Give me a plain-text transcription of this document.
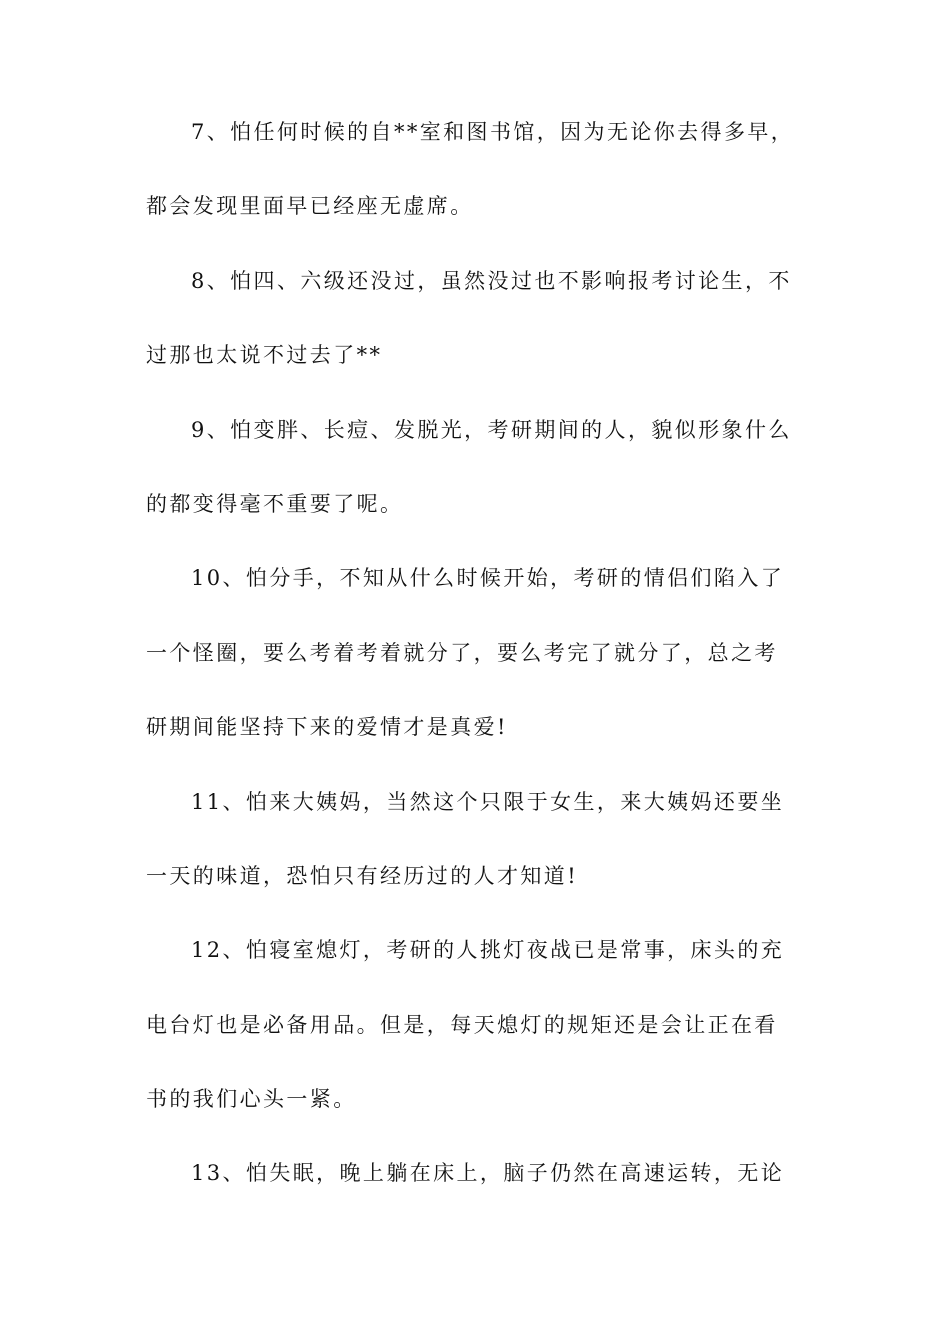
7、怕任何时候的自**室和图书馆，因为无论你去得多早，
都会发现里面早已经座无虚席。
8、怕四、六级还没过，虽然没过也不影响报考讨论生，不
过那也太说不过去了**
9、怕变胖、长痘、发脱光，考研期间的人，貌似形象什么
的都变得毫不重要了呢。
10、怕分手，不知从什么时候开始，考研的情侣们陷入了
一个怪圈，要么考着考着就分了，要么考完了就分了，总之考
研期间能坚持下来的爱情才是真爱!
11、怕来大姨妈，当然这个只限于女生，来大姨妈还要坐
一天的味道，恐怕只有经历过的人才知道!
12、怕寝室熄灯，考研的人挑灯夜战已是常事，床头的充
电台灯也是必备用品。但是，每天熄灯的规矩还是会让正在看
书的我们心头一紧。
13、怕失眠，晚上躺在床上，脑子仍然在高速运转，无论
